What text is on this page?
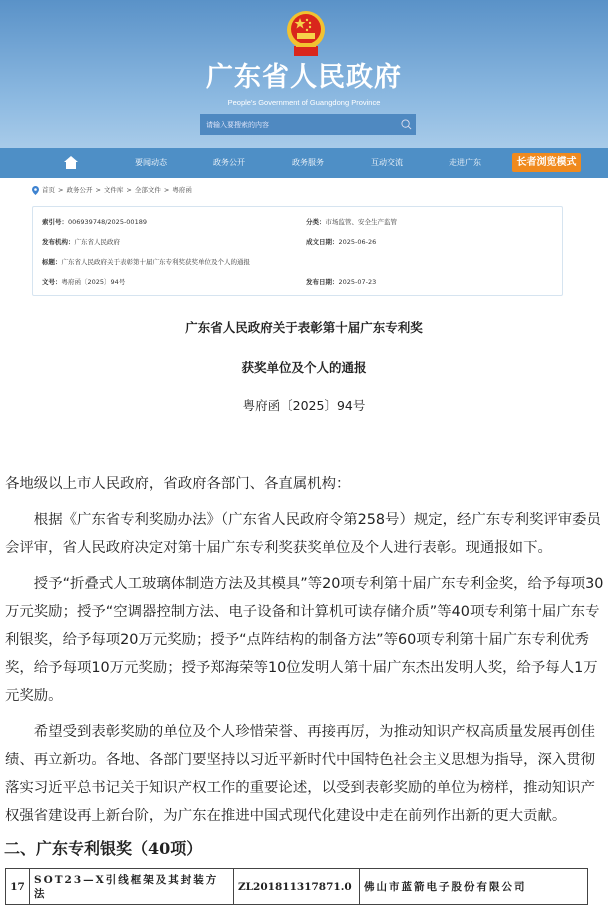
广东省人民政府
People's Government of Guangdong Province
请输入要搜索的内容
要闻动态	政务公开	政务服务	互动交流	走进广东	长者浏览模式
首页 > 政务公开 > 文件库 > 全部文件 > 粤府函
索引号：006939748/2025-00189	分类：市场监管、安全生产监管
发布机构：广东省人民政府	成文日期：2025-06-26
标题：广东省人民政府关于表彰第十届广东专利奖获奖单位及个人的通报
文号：粤府函〔2025〕94号	发布日期：2025-07-23
广东省人民政府关于表彰第十届广东专利奖
获奖单位及个人的通报
粤府函〔2025〕94号

各地级以上市人民政府，省政府各部门、各直属机构：

根据《广东省专利奖励办法》（广东省人民政府令第258号）规定，经广东专利奖评审委员会评审，省人民政府决定对第十届广东专利奖获奖单位及个人进行表彰。现通报如下。

授予“折叠式人工玻璃体制造方法及其模具”等20项专利第十届广东专利金奖，给予每项30万元奖励；授予“空调器控制方法、电子设备和计算机可读存储介质”等40项专利第十届广东专利银奖，给予每项20万元奖励；授予“点阵结构的制备方法”等60项专利第十届广东专利优秀奖，给予每项10万元奖励；授予郑海荣等10位发明人第十届广东杰出发明人奖，给予每人1万元奖励。

希望受到表彰奖励的单位及个人珍惜荣誉、再接再厉，为推动知识产权高质量发展再创佳绩、再立新功。各地、各部门要坚持以习近平新时代中国特色社会主义思想为指导，深入贯彻落实习近平总书记关于知识产权工作的重要论述，以受到表彰奖励的单位为榜样，推动知识产权强省建设再上新台阶，为广东在推进中国式现代化建设中走在前列作出新的更大贡献。

二、广东专利银奖（40项）
17	SOT23—X引线框架及其封装方法	ZL201811317871.0	佛山市蓝箭电子股份有限公司
